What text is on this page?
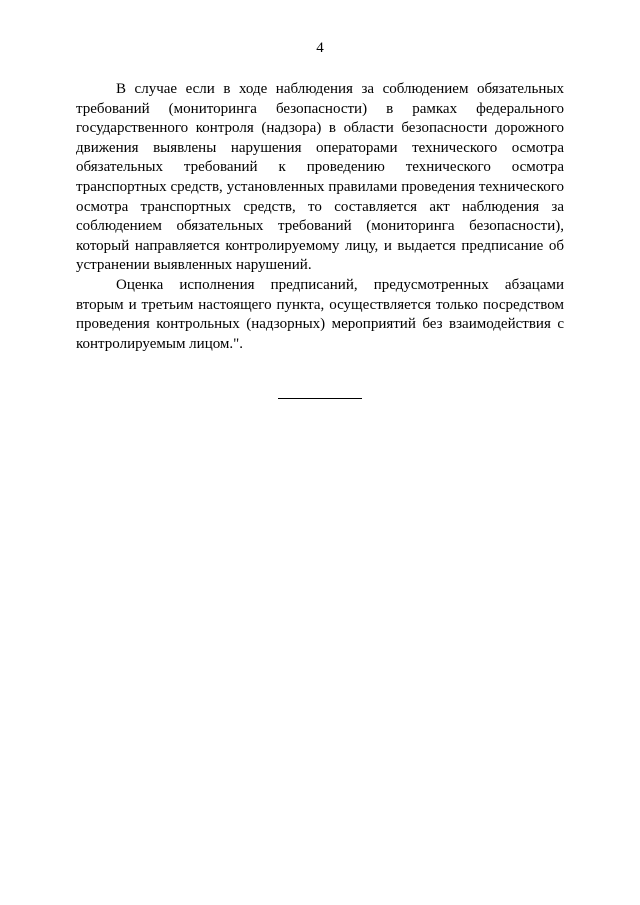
4

В случае если в ходе наблюдения за соблюдением обязательных требований (мониторинга безопасности) в рамках федерального государственного контроля (надзора) в области безопасности дорожного движения выявлены нарушения операторами технического осмотра обязательных требований к проведению технического осмотра транспортных средств, установленных правилами проведения технического осмотра транспортных средств, то составляется акт наблюдения за соблюдением обязательных требований (мониторинга безопасности), который направляется контролируемому лицу, и выдается предписание об устранении выявленных нарушений.

Оценка исполнения предписаний, предусмотренных абзацами вторым и третьим настоящего пункта, осуществляется только посредством проведения контрольных (надзорных) мероприятий без взаимодействия с контролируемым лицом.".
